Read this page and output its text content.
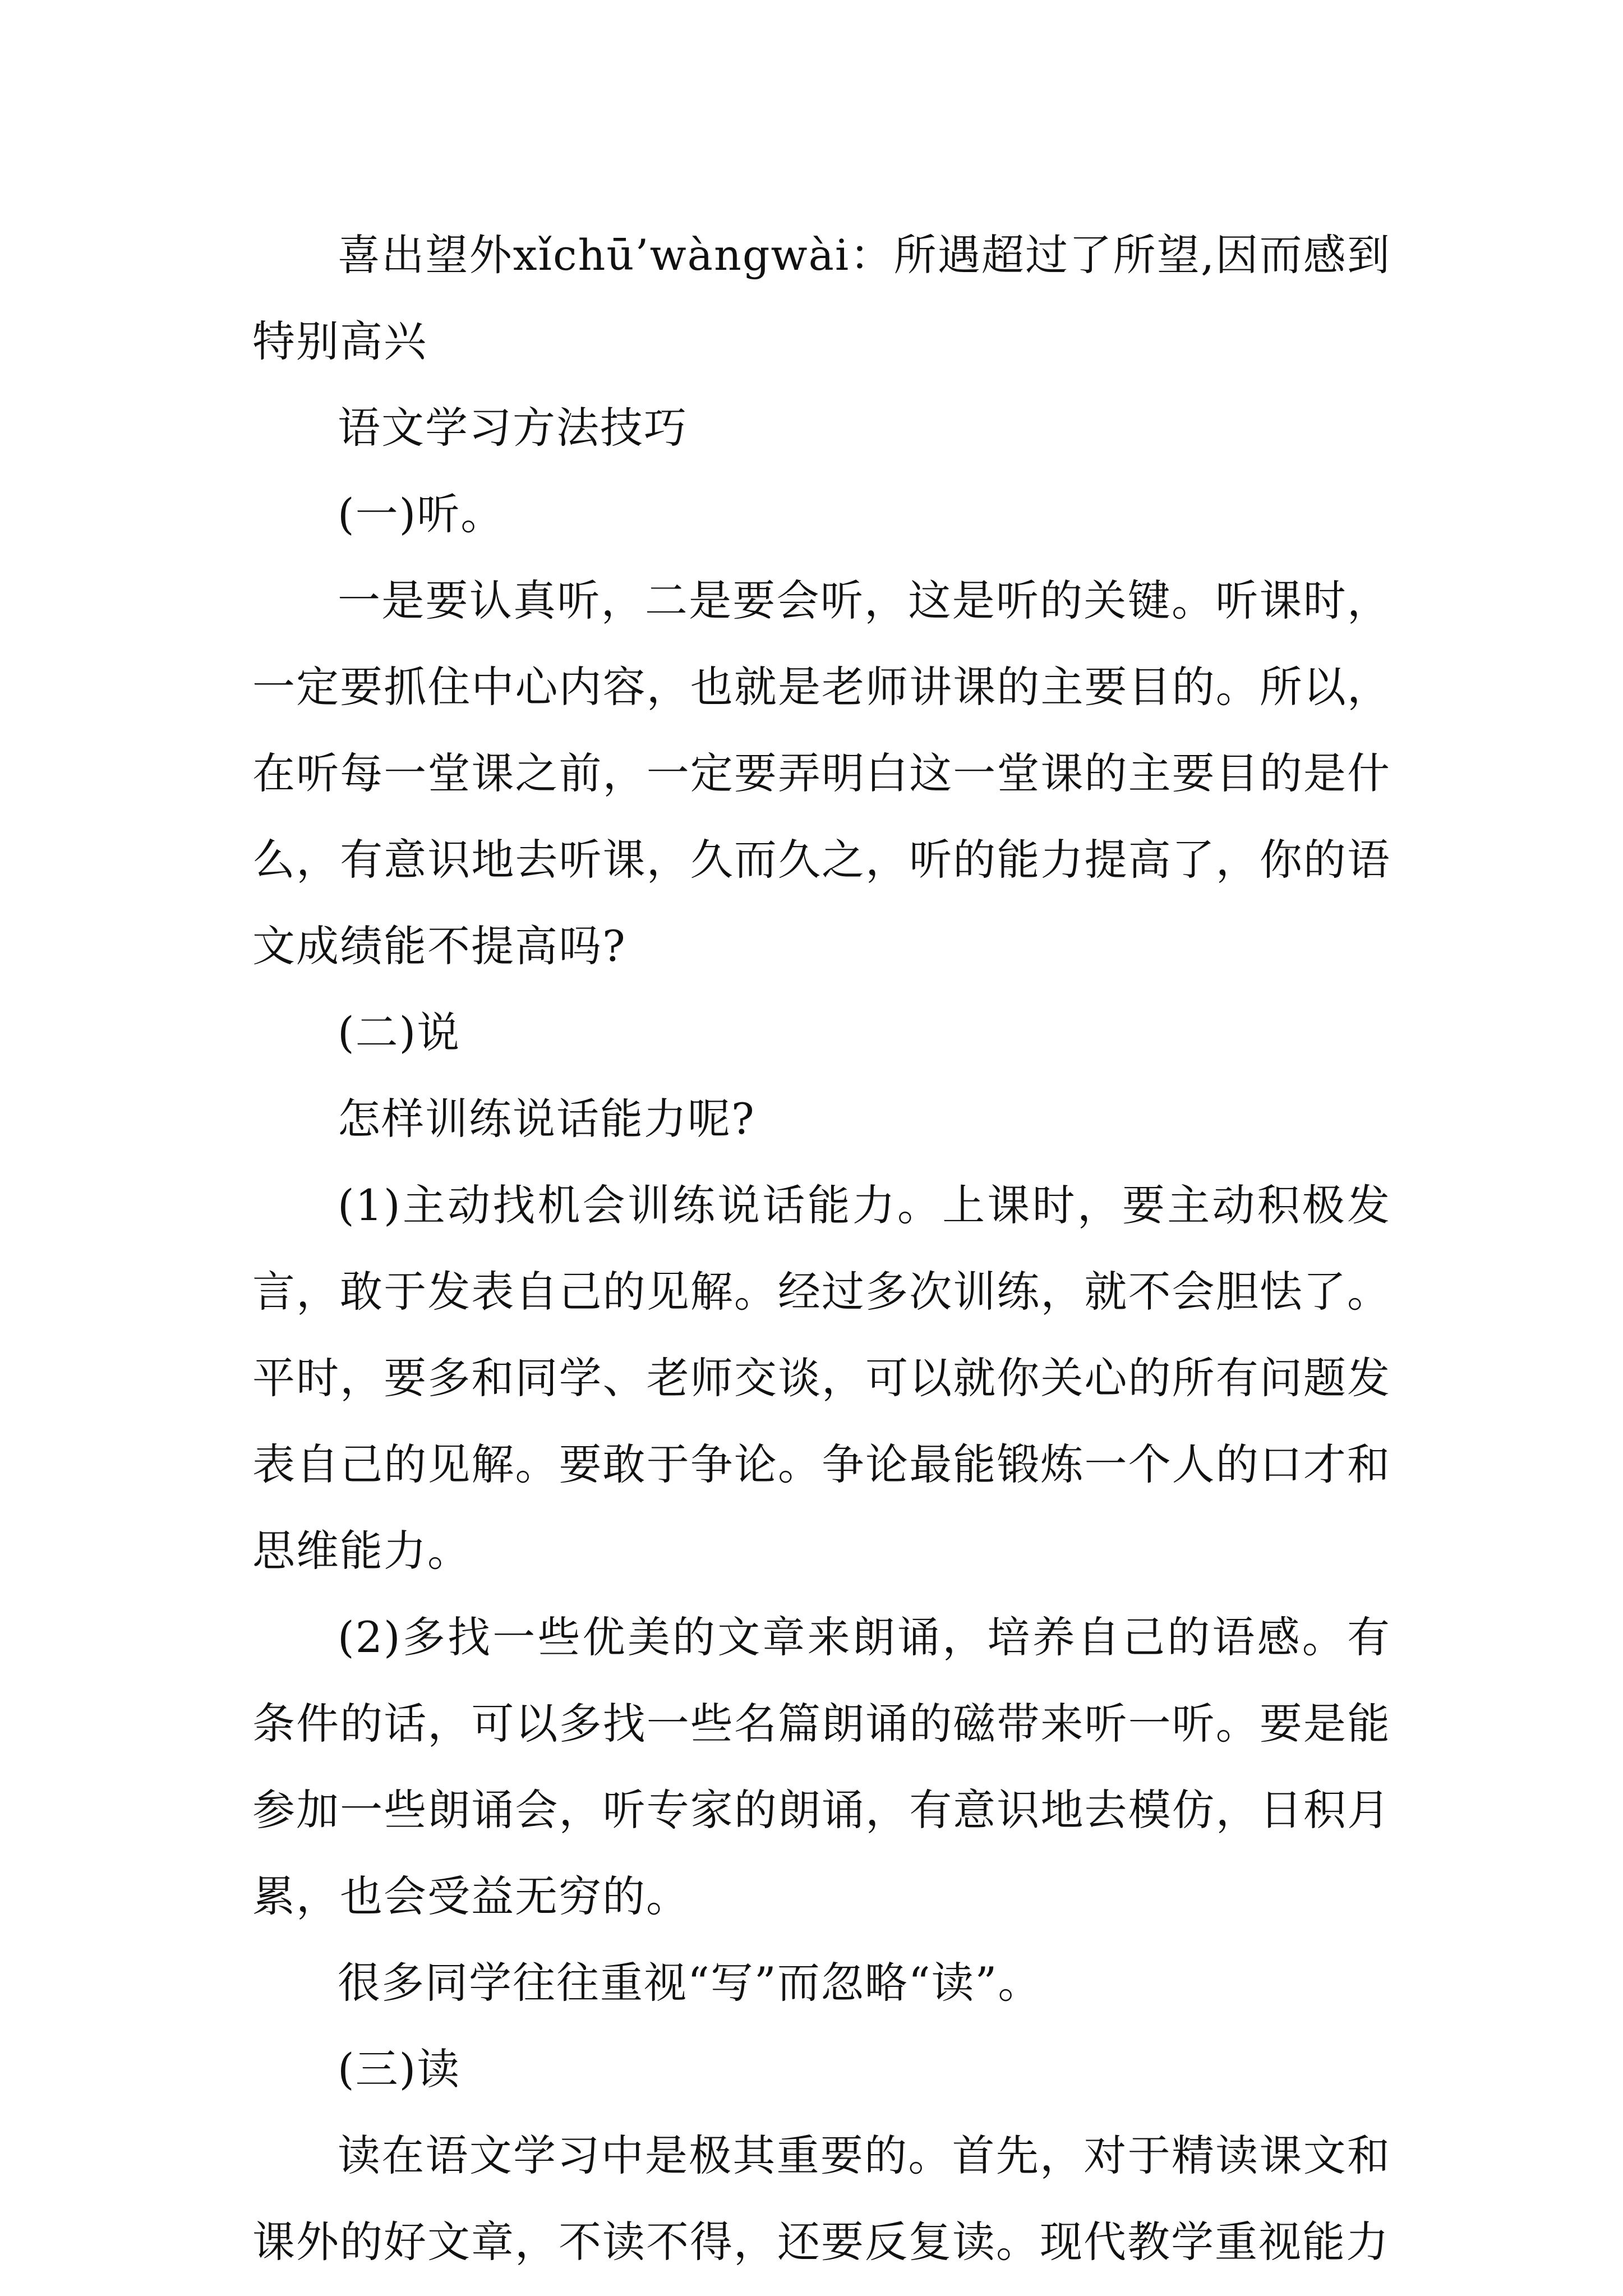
喜出望外xǐchū’wàngwài：所遇超过了所望,因而感到特别高兴

语文学习方法技巧

(一)听。

一是要认真听，二是要会听，这是听的关键。听课时，一定要抓住中心内容，也就是老师讲课的主要目的。所以，在听每一堂课之前，一定要弄明白这一堂课的主要目的是什么，有意识地去听课，久而久之，听的能力提高了，你的语文成绩能不提高吗?

(二)说

怎样训练说话能力呢?

(1)主动找机会训练说话能力。上课时，要主动积极发言，敢于发表自己的见解。经过多次训练，就不会胆怯了。平时，要多和同学、老师交谈，可以就你关心的所有问题发表自己的见解。要敢于争论。争论最能锻炼一个人的口才和思维能力。

(2)多找一些优美的文章来朗诵，培养自己的语感。有条件的话，可以多找一些名篇朗诵的磁带来听一听。要是能参加一些朗诵会，听专家的朗诵，有意识地去模仿，日积月累，也会受益无穷的。

很多同学往往重视“写”而忽略“读”。

(三)读

读在语文学习中是极其重要的。首先，对于精读课文和课外的好文章，不读不得，还要反复读。现代教学重视能力
